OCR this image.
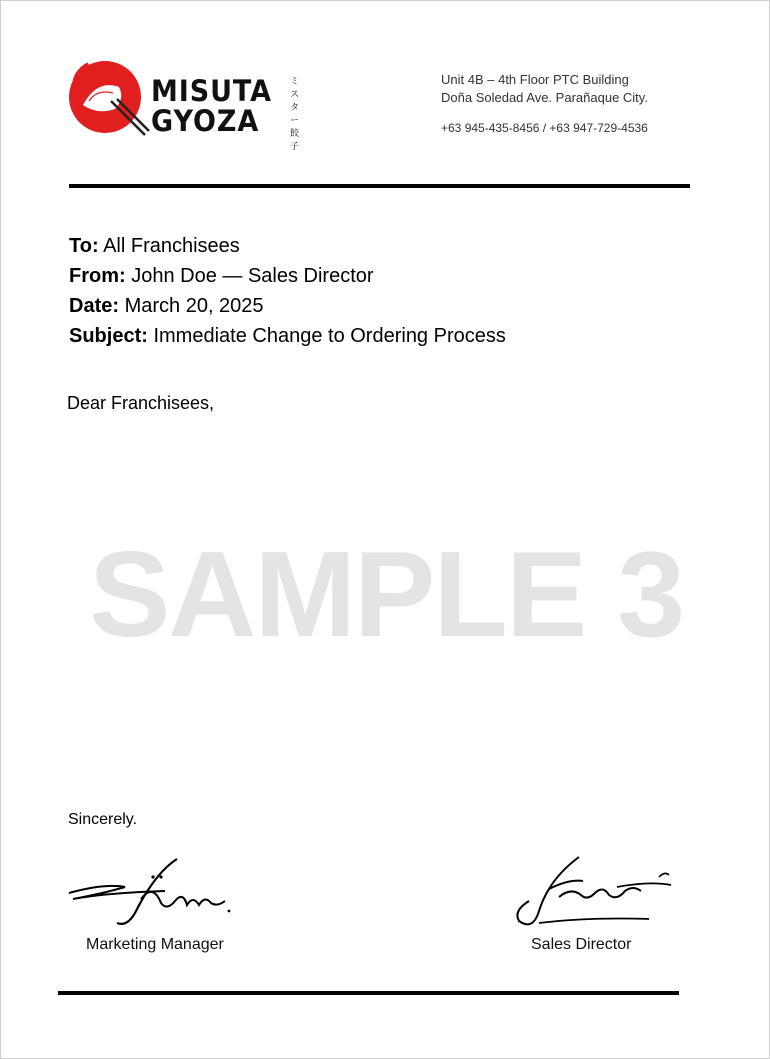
ミスター 餃子
MISUTA
GYOZA
Unit 4B – 4th Floor PTC Building
Doña Soledad Ave. Parañaque City.
+63 945-435-8456 / +63 947-729-4536
To: All Franchisees
From: John Doe — Sales Director
Date: March 20, 2025
Subject: Immediate Change to Ordering Process
Dear Franchisees,
SAMPLE 3
Sincerely.
Marketing Manager	Sales Director
